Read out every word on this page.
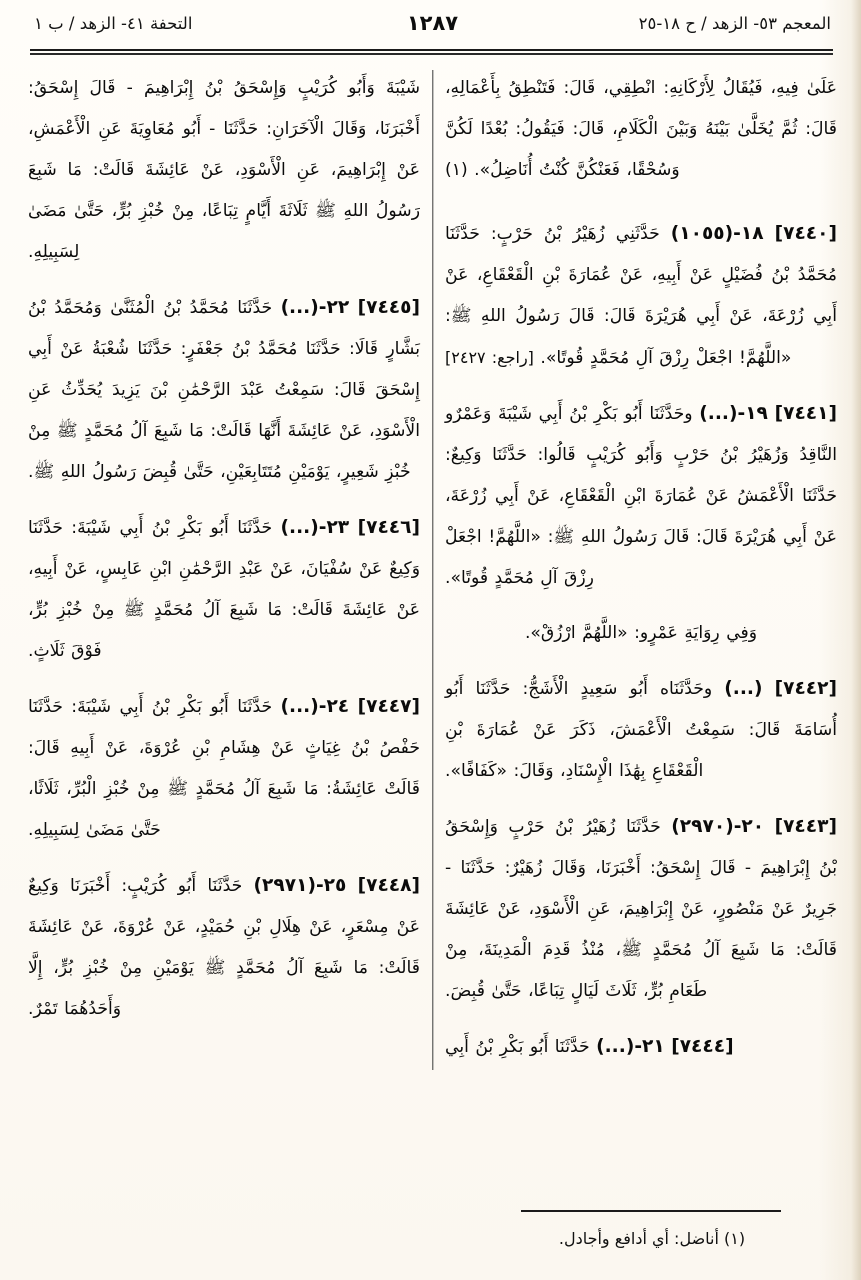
المعجم ٥٣- الزهد / ح ١٨-٢٥
١٢٨٧
التحفة ٤١- الزهد / ب ١

عَلَىٰ فِيهِ، فَيُقَالُ لِأَرْكَانِهِ: انْطِقِي، قَالَ: فَتَنْطِقُ بِأَعْمَالِهِ، قَالَ: ثُمَّ يُخَلَّىٰ بَيْنَهُ وَبَيْنَ الْكَلَامِ، قَالَ: فَيَقُولُ: بُعْدًا لَكُنَّ وَسُحْقًا، فَعَنْكُنَّ كُنْتُ أُنَاضِلُ». (١)

[٧٤٤٠] ١٨-(١٠٥٥) حَدَّثَنِي زُهَيْرُ بْنُ حَرْبٍ: حَدَّثَنَا مُحَمَّدُ بْنُ فُضَيْلٍ عَنْ أَبِيهِ، عَنْ عُمَارَةَ بْنِ الْقَعْقَاعِ، عَنْ أَبِي زُرْعَةَ، عَنْ أَبِي هُرَيْرَةَ قَالَ: قَالَ رَسُولُ اللهِ ﷺ: «اللَّهُمَّ! اجْعَلْ رِزْقَ آلِ مُحَمَّدٍ قُوتًا». [راجع: ٢٤٢٧]

[٧٤٤١] ١٩-(...) وحَدَّثَنَا أَبُو بَكْرِ بْنُ أَبِي شَيْبَةَ وَعَمْرٌو النَّاقِدُ وَزُهَيْرُ بْنُ حَرْبٍ وَأَبُو كُرَيْبٍ قَالُوا: حَدَّثَنَا وَكِيعٌ: حَدَّثَنَا الْأَعْمَشُ عَنْ عُمَارَةَ ابْنِ الْقَعْقَاعِ، عَنْ أَبِي زُرْعَةَ، عَنْ أَبِي هُرَيْرَةَ قَالَ: قَالَ رَسُولُ اللهِ ﷺ: «اللَّهُمَّ! اجْعَلْ رِزْقَ آلِ مُحَمَّدٍ قُوتًا».

وَفِي رِوَايَةِ عَمْرٍو: «اللَّهُمَّ ارْزُقْ».

[٧٤٤٢] (...) وحَدَّثَنَاه أَبُو سَعِيدٍ الْأَشَجُّ: حَدَّثَنَا أَبُو أُسَامَةَ قَالَ: سَمِعْتُ الْأَعْمَشَ، ذَكَرَ عَنْ عُمَارَةَ بْنِ الْقَعْقَاعِ بِهَٰذَا الْإِسْنَادِ، وَقَالَ: «كَفَافًا».

[٧٤٤٣] ٢٠-(٢٩٧٠) حَدَّثَنَا زُهَيْرُ بْنُ حَرْبٍ وَإِسْحَقُ بْنُ إِبْرَاهِيمَ - قَالَ إِسْحَقُ: أَخْبَرَنَا، وَقَالَ زُهَيْرٌ: حَدَّثَنَا - جَرِيرٌ عَنْ مَنْصُورٍ، عَنْ إِبْرَاهِيمَ، عَنِ الْأَسْوَدِ، عَنْ عَائِشَةَ قَالَتْ: مَا شَبِعَ آلُ مُحَمَّدٍ ﷺ، مُنْذُ قَدِمَ الْمَدِينَةَ، مِنْ طَعَامِ بُرٍّ، ثَلَاثَ لَيَالٍ تِبَاعًا، حَتَّىٰ قُبِضَ.

[٧٤٤٤] ٢١-(...) حَدَّثَنَا أَبُو بَكْرِ بْنُ أَبِي

شَيْبَةَ وَأَبُو كُرَيْبٍ وَإِسْحَقُ بْنُ إِبْرَاهِيمَ - قَالَ إِسْحَقُ: أَخْبَرَنَا، وَقَالَ الْآخَرَانِ: حَدَّثَنَا - أَبُو مُعَاوِيَةَ عَنِ الْأَعْمَشِ، عَنْ إِبْرَاهِيمَ، عَنِ الْأَسْوَدِ، عَنْ عَائِشَةَ قَالَتْ: مَا شَبِعَ رَسُولُ اللهِ ﷺ ثَلَاثَةَ أَيَّامٍ تِبَاعًا، مِنْ خُبْزِ بُرٍّ، حَتَّىٰ مَضَىٰ لِسَبِيلِهِ.

[٧٤٤٥] ٢٢-(...) حَدَّثَنَا مُحَمَّدُ بْنُ الْمُثَنَّىٰ وَمُحَمَّدُ بْنُ بَشَّارٍ قَالَا: حَدَّثَنَا مُحَمَّدُ بْنُ جَعْفَرٍ: حَدَّثَنَا شُعْبَةُ عَنْ أَبِي إِسْحَقَ قَالَ: سَمِعْتُ عَبْدَ الرَّحْمَٰنِ بْنَ يَزِيدَ يُحَدِّثُ عَنِ الْأَسْوَدِ، عَنْ عَائِشَةَ أَنَّهَا قَالَتْ: مَا شَبِعَ آلُ مُحَمَّدٍ ﷺ مِنْ خُبْزِ شَعِيرٍ، يَوْمَيْنِ مُتَتَابِعَيْنِ، حَتَّىٰ قُبِضَ رَسُولُ اللهِ ﷺ.

[٧٤٤٦] ٢٣-(...) حَدَّثَنَا أَبُو بَكْرِ بْنُ أَبِي شَيْبَةَ: حَدَّثَنَا وَكِيعٌ عَنْ سُفْيَانَ، عَنْ عَبْدِ الرَّحْمَٰنِ ابْنِ عَابِسٍ، عَنْ أَبِيهِ، عَنْ عَائِشَةَ قَالَتْ: مَا شَبِعَ آلُ مُحَمَّدٍ ﷺ مِنْ خُبْزِ بُرٍّ، فَوْقَ ثَلَاثٍ.

[٧٤٤٧] ٢٤-(...) حَدَّثَنَا أَبُو بَكْرِ بْنُ أَبِي شَيْبَةَ: حَدَّثَنَا حَفْصُ بْنُ غِيَاثٍ عَنْ هِشَامِ بْنِ عُرْوَةَ، عَنْ أَبِيهِ قَالَ: قَالَتْ عَائِشَةُ: مَا شَبِعَ آلُ مُحَمَّدٍ ﷺ مِنْ خُبْزِ الْبُرِّ، ثَلَاثًا، حَتَّىٰ مَضَىٰ لِسَبِيلِهِ.

[٧٤٤٨] ٢٥-(٢٩٧١) حَدَّثَنَا أَبُو كُرَيْبٍ: أَخْبَرَنَا وَكِيعٌ عَنْ مِسْعَرٍ، عَنْ هِلَالِ بْنِ حُمَيْدٍ، عَنْ عُرْوَةَ، عَنْ عَائِشَةَ قَالَتْ: مَا شَبِعَ آلُ مُحَمَّدٍ ﷺ يَوْمَيْنِ مِنْ خُبْزِ بُرٍّ، إِلَّا وَأَحَدُهُمَا تَمْرٌ.

(١) أناضل: أي أدافع وأجادل.
